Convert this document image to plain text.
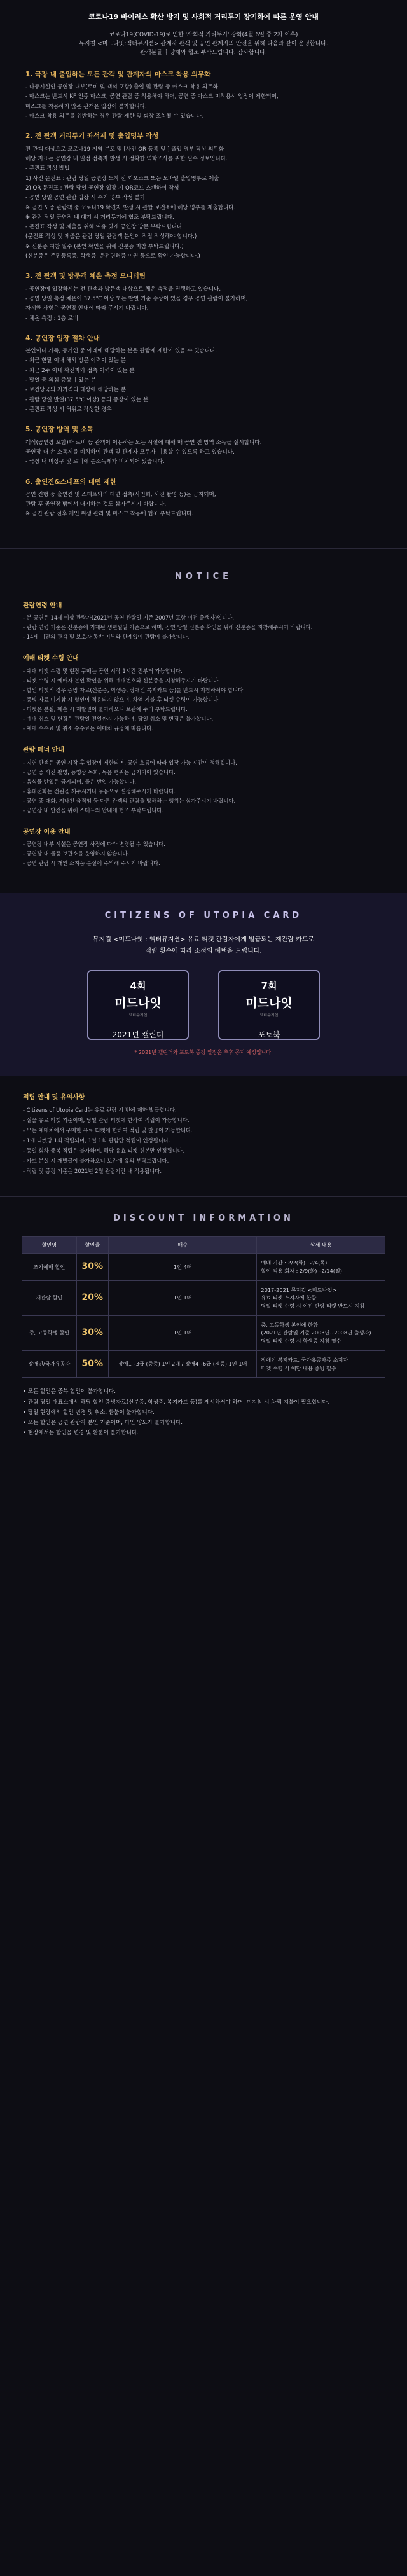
코로나19 바이러스 확산 방지 및 사회적 거리두기 장기화에 따른 운영 안내

코로나19(COVID-19)로 인한 '사회적 거리두기' 강화(4월 6일 중 2차 이후)

뮤지컬 <미드나잇:액터뮤지션> 관계자 관객 및 공연 관계자의 안전을 위해 다음과 같이 운영합니다.

관객분들의 양해와 협조 부탁드립니다. 감사합니다.

1. 극장 내 출입하는 모든 관객 및 관계자의 마스크 착용 의무화

- 다중시설인 공연장 내부(로비 및 객석 포함) 출입 및 관람 중 마스크 착용 의무화

- 마스크는 반드시 KF 인증 마스크, 공연 관람 중 착용해야 하며, 공연 중 마스크 미착용시 입장이 제한되며,

마스크를 착용하지 않은 관객은 입장이 불가합니다.

- 마스크 착용 의무를 위반하는 경우 관람 제한 및 퇴장 조치될 수 있습니다.

2. 전 관객 거리두기 좌석제 및 출입명부 작성

전 관객 대상으로 코로나19 지역 분포 및 [사전 QR 등록 및 ] 출입 명부 작성 의무화

해당 지표는 공연장 내 밀접 접촉자 발생 시 정확한 역학조사를 위한 필수 정보입니다.

- 문진표 작성 방법

1) 사전 문진표 : 관람 당일 공연장 도착 전 키오스크 또는 모바일 출입명부로 제출

2) QR 문진표 : 관람 당일 공연장 입장 시 QR코드 스캔하여 작성

- 공연 당일 공연 관람 입장 시 수기 명부 작성 불가

※ 공연 도중 관람객 중 코로나19 확진자 발생 시 관할 보건소에 해당 명부를 제출합니다.

※ 관람 당일 공연장 내 대기 시 거리두기에 협조 부탁드립니다.

- 문진표 작성 및 제출을 위해 여유 있게 공연장 방문 부탁드립니다.

(문진표 작성 및 제출은 관람 당일 관람객 본인이 직접 작성해야 합니다.)

※ 신분증 지참 필수 (본인 확인을 위해 신분증 지참 부탁드립니다.)

(신분증은 주민등록증, 학생증, 운전면허증 여권 등으로 확인 가능합니다.)

3. 전 관객 및 방문객 체온 측정 모니터링

- 공연장에 입장하시는 전 관객과 방문객 대상으로 체온 측정을 진행하고 있습니다.

- 공연 당일 측정 체온이 37.5℃ 이상 또는 발열 기준 증상이 있을 경우 공연 관람이 불가하며,

자세한 사항은 공연장 안내에 따라 주시기 바랍니다.

- 체온 측정 : 1층 로비

4. 공연장 입장 절차 안내

본인이나 가족, 동거인 중 아래에 해당하는 분은 관람에 제한이 있을 수 있습니다.

- 최근 한달 이내 해외 방문 이력이 있는 분

- 최근 2주 이내 확진자와 접촉 이력이 있는 분

- 발열 등 의심 증상이 있는 분

- 보건당국의 자가격리 대상에 해당하는 분

- 관람 당일 발열(37.5℃ 이상) 등의 증상이 있는 분

- 문진표 작성 시 허위로 작성한 경우

5. 공연장 방역 및 소독

객석(공연장 포함)과 로비 등 관객이 이용하는 모든 시설에 대해 매 공연 전 방역 소독을 실시합니다.

공연장 내 손 소독제를 비치하여 관객 및 관계자 모두가 이용할 수 있도록 하고 있습니다.

- 극장 내 비상구 및 로비에 손소독제가 비치되어 있습니다.

6. 출연진&스태프의 대면 제한

공연 진행 중 출연진 및 스태프와의 대면 접촉(사인회, 사진 촬영 등)은 금지되며,

관람 후 공연장 밖에서 대기하는 것도 삼가주시기 바랍니다.

※ 공연 관람 전후 개인 위생 관리 및 마스크 착용에 협조 부탁드립니다.

NOTICE
관람연령 안내

- 본 공연은 14세 이상 관람가(2021년 공연 관람일 기준 2007년 포함 이전 출생자)입니다.

- 관람 연령 기준은 신분증에 기재된 생년월일 기준으로 하며, 공연 당일 신분증 확인을 위해 신분증을 지참해주시기 바랍니다.

- 14세 미만의 관객 및 보호자 동반 여부와 관계없이 관람이 불가합니다.

예매 티켓 수령 안내

- 예매 티켓 수령 및 현장 구매는 공연 시작 1시간 전부터 가능합니다.

- 티켓 수령 시 예매자 본인 확인을 위해 예매번호와 신분증을 지참해주시기 바랍니다.

- 할인 티켓의 경우 증빙 자료(신분증, 학생증, 장애인 복지카드 등)를 반드시 지참하셔야 합니다.

- 증빙 자료 미지참 시 할인이 적용되지 않으며, 차액 지불 후 티켓 수령이 가능합니다.

- 티켓은 분실, 훼손 시 재발권이 불가하오니 보관에 주의 부탁드립니다.

- 예매 취소 및 변경은 관람일 전일까지 가능하며, 당일 취소 및 변경은 불가합니다.

- 예매 수수료 및 취소 수수료는 예매처 규정에 따릅니다.

관람 매너 안내

- 지연 관객은 공연 시작 후 입장이 제한되며, 공연 흐름에 따라 입장 가능 시간이 정해집니다.

- 공연 중 사진 촬영, 동영상 녹화, 녹음 행위는 금지되어 있습니다.

- 음식물 반입은 금지되며, 물은 반입 가능합니다.

- 휴대전화는 전원을 꺼주시거나 무음으로 설정해주시기 바랍니다.

- 공연 중 대화, 지나친 움직임 등 다른 관객의 관람을 방해하는 행위는 삼가주시기 바랍니다.

- 공연장 내 안전을 위해 스태프의 안내에 협조 부탁드립니다.

공연장 이용 안내

- 공연장 내부 시설은 공연장 사정에 따라 변경될 수 있습니다.

- 공연장 내 물품 보관소를 운영하지 않습니다.

- 공연 관람 시 개인 소지품 분실에 주의해 주시기 바랍니다.

CITIZENS OF UTOPIA CARD

뮤지컬 <미드나잇 : 액터뮤지션> 유료 티켓 관람자에게 발급되는 재관람 카드로

적립 횟수에 따라 소정의 혜택을 드립니다.

4회
미드나잇
액터뮤지션
2021년 캘린더
7회
미드나잇
액터뮤지션
포토북

* 2021년 캘린더와 포토북 증정 일정은 추후 공지 예정입니다.

적립 안내 및 유의사항

- Citizens of Utopia Card는 유료 관람 시 번에 제한 발급합니다.

- 실물 유료 티켓 기준이며, 당일 관람 티켓에 한하여 적립이 가능합니다.

- 모든 예매처에서 구매한 유료 티켓에 한하여 적립 및 발급이 가능합니다.

- 1매 티켓당 1회 적립되며, 1일 1회 관람만 적립이 인정됩니다.

- 동일 회차 중복 적립은 불가하며, 해당 유효 티켓 원본만 인정됩니다.

- 카드 분실 시 재발급이 불가하오니 보관에 유의 부탁드립니다.

- 적립 및 증정 기준은 2021년 2월 관람기간 내 적용됩니다.

DISCOUNT INFORMATION
할인명	할인율	매수	상세 내용
조기예매 할인	30%	1인 4매	예매 기간 : 2/2(화)~2/4(목)
할인 적용 회차 : 2/9(화)~2/14(일)

재관람 할인	20%	1인 1매	2017-2021 뮤지컬 <미드나잇>
유료 티켓 소지자에 한함
당일 티켓 수령 시 이전 관람 티켓 반드시 지참

중, 고등학생 할인	30%	1인 1매	중, 고등학생 본인에 한함
(2021년 관람일 기준 2003년~2008년 출생자)
당일 티켓 수령 시 학생증 지참 필수

장애인/국가유공자	50%	장애1~3급 (중증) 1인 2매 / 장애4~6급 (경증) 1인 1매	장애인 복지카드, 국가유공자증 소지자
티켓 수령 시 해당 내용 증빙 필수

• 모든 할인은 중복 할인이 불가합니다.

• 관람 당일 매표소에서 해당 할인 증빙자료(신분증, 학생증, 복지카드 등)를 제시하셔야 하며, 미지참 시 차액 지불이 필요합니다.

• 당일 현장에서 할인 변경 및 취소, 환불이 불가합니다.

• 모든 할인은 공연 관람자 본인 기준이며, 타인 양도가 불가합니다.

• 현장에서는 할인을 변경 및 환불이 불가합니다.
